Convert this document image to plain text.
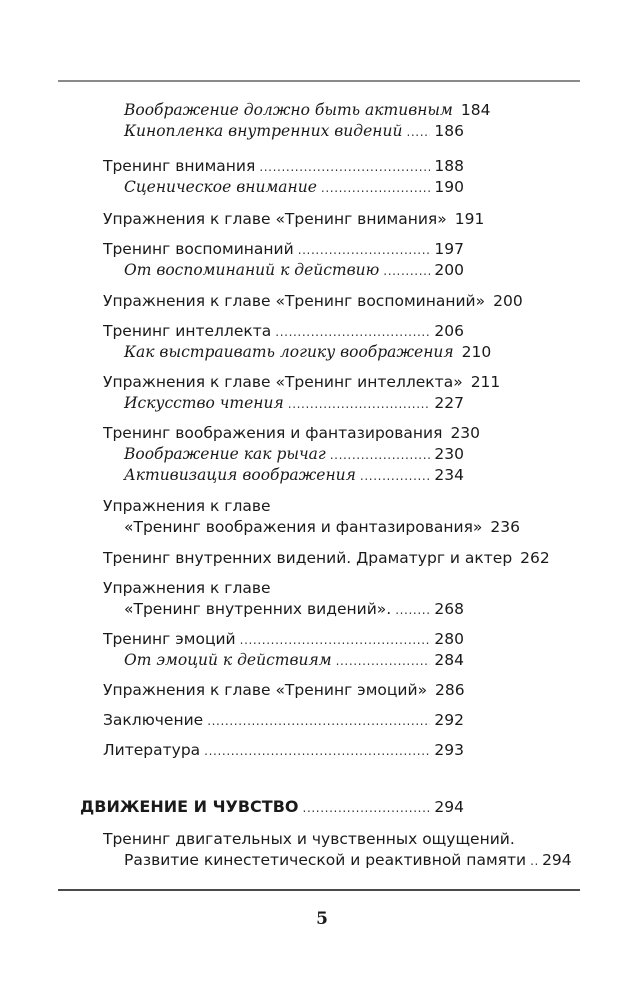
Воображение должно быть активным 184
Кинопленка внутренних видений . . . 186
Тренинг внимания . . .	188
Сценическое внимание . . .	190
Упражнения к главе «Тренинг внимания» 191
Тренинг воспоминаний . . .	197
От воспоминаний к действию . . .	200
Упражнения к главе «Тренинг воспоминаний» 200
Тренинг интеллекта . . .	206
Как выстраивать логику воображения 210
Упражнения к главе «Тренинг интеллекта» 211
Искусство чтения . . .	227
Тренинг воображения и фантазирования 230
Воображение как рычаг . . .	230
Активизация воображения . . .	234
Упражнения к главе
«Тренинг воображения и фантазирования» 236
Тренинг внутренних видений. Драматург и актер 262
Упражнения к главе
«Тренинг внутренних видений». . . .	268
Тренинг эмоций . . .	280
От эмоций к действиям . . .	284
Упражнения к главе «Тренинг эмоций» 286
Заключение . . .	292
Литература . . .	293
ДВИЖЕНИЕ И ЧУВСТВО . . .	294
Тренинг двигательных и чувственных ощущений.
Развитие кинестетической и реактивной памяти . . . 294
5
